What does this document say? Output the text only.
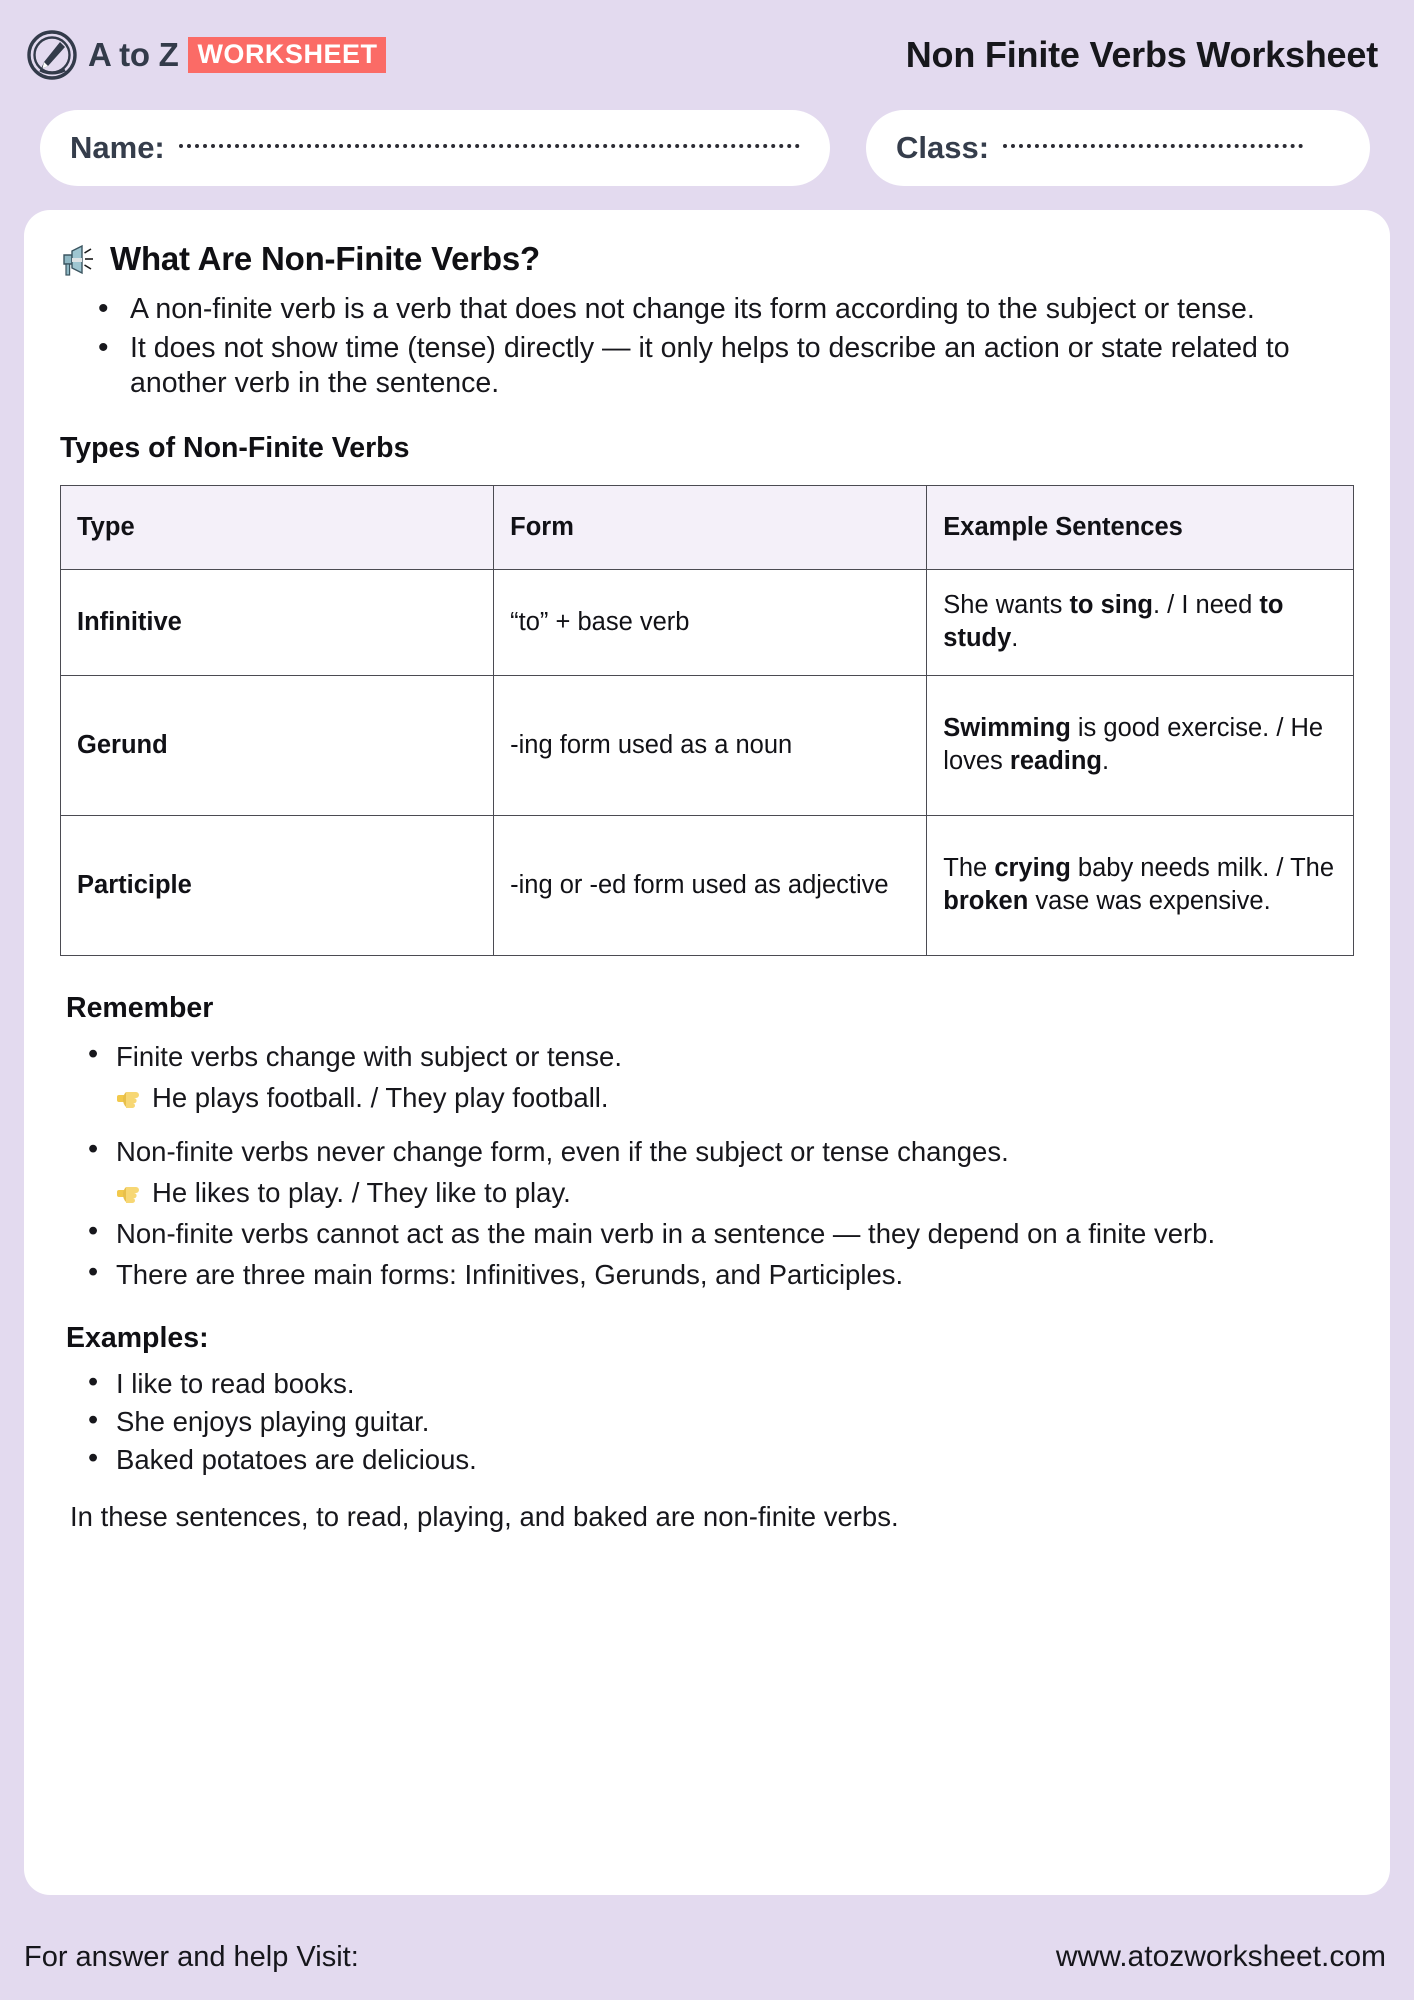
A to Z WORKSHEET	Non Finite Verbs Worksheet
Name:	Class:
What Are Non-Finite Verbs?
• A non-finite verb is a verb that does not change its form according to the subject or tense.
• It does not show time (tense) directly — it only helps to describe an action or state related to another verb in the sentence.
Types of Non-Finite Verbs
Type	Form	Example Sentences
Infinitive	“to” + base verb	She wants to sing. / I need to study.
Gerund	-ing form used as a noun	Swimming is good exercise. / He loves reading.
Participle	-ing or -ed form used as adjective	The crying baby needs milk. / The broken vase was expensive.
Remember
• Finite verbs change with subject or tense.
He plays football. / They play football.
• Non-finite verbs never change form, even if the subject or tense changes.
He likes to play. / They like to play.
• Non-finite verbs cannot act as the main verb in a sentence — they depend on a finite verb.
• There are three main forms: Infinitives, Gerunds, and Participles.
Examples:
• I like to read books.
• She enjoys playing guitar.
• Baked potatoes are delicious.

In these sentences, to read, playing, and baked are non-finite verbs.

For answer and help Visit:	www.atozworksheet.com
